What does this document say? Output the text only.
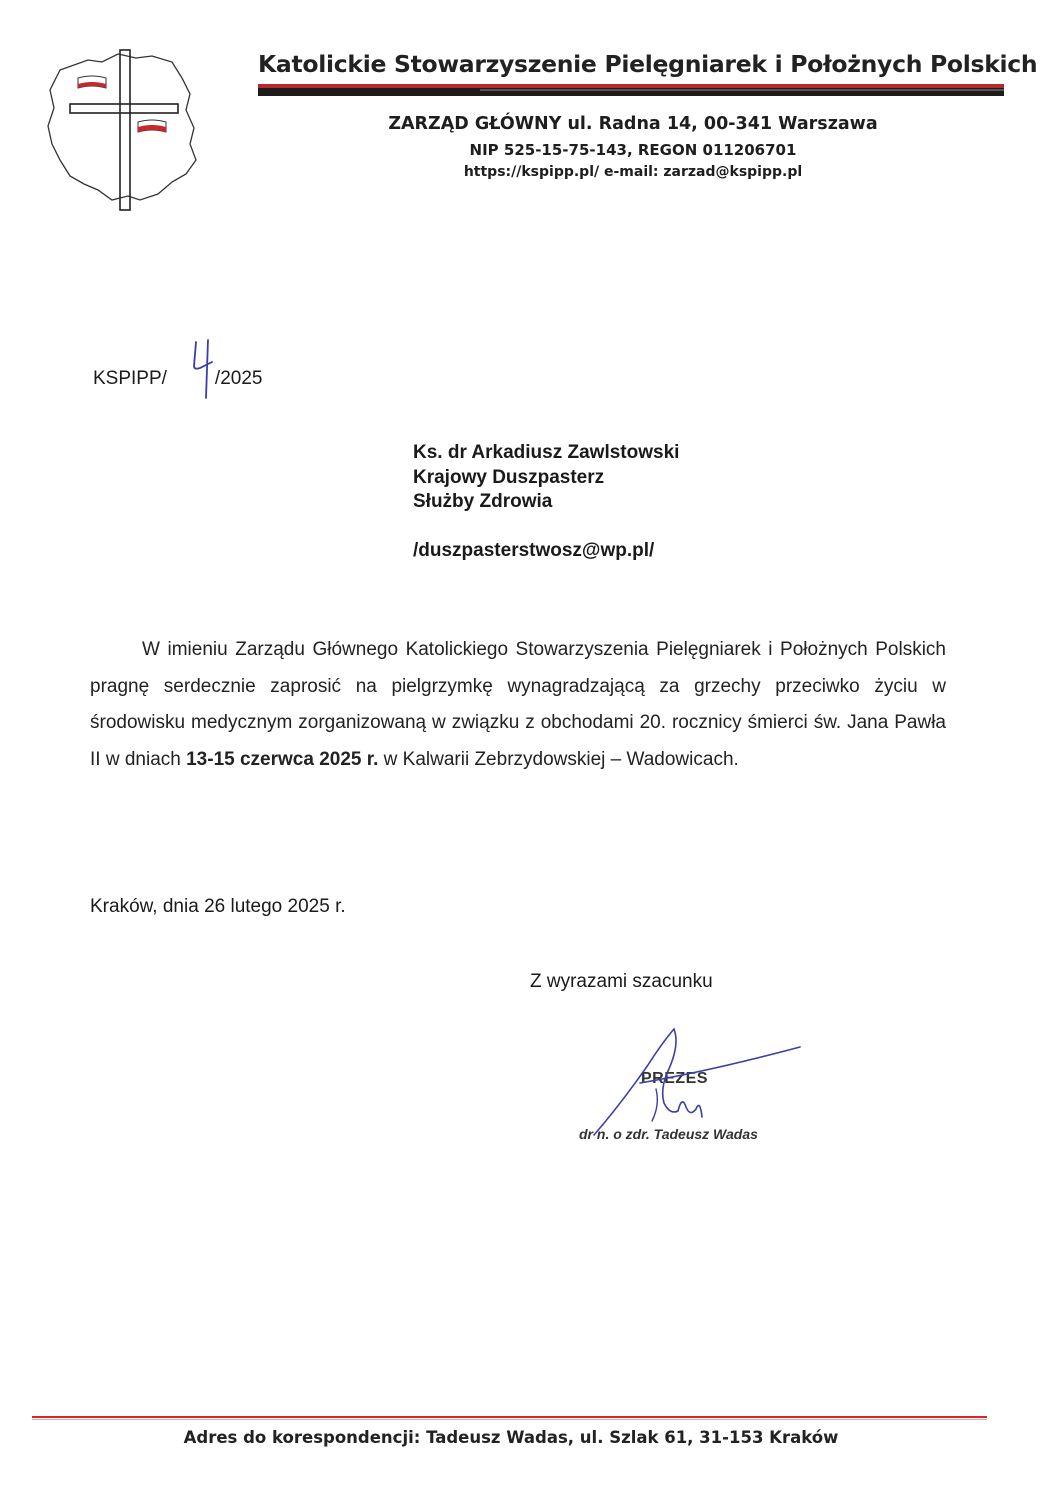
Katolickie Stowarzyszenie Pielęgniarek i Położnych Polskich
ZARZĄD GŁÓWNY ul. Radna 14, 00-341 Warszawa
NIP 525-15-75-143, REGON 011206701
https://kspipp.pl/ e-mail: zarzad@kspipp.pl
KSPIPP/	/2025
Ks. dr Arkadiusz Zawlstowski
Krajowy Duszpasterz
Służby Zdrowia
/duszpasterstwosz@wp.pl/
W imieniu Zarządu Głównego Katolickiego Stowarzyszenia Pielęgniarek i Położnych Polskich pragnę serdecznie zaprosić na pielgrzymkę wynagradzającą za grzechy przeciwko życiu w środowisku medycznym zorganizowaną w związku z obchodami 20. rocznicy śmierci św. Jana Pawła II w dniach 13-15 czerwca 2025 r. w Kalwarii Zebrzydowskiej – Wadowicach.
Kraków, dnia 26 lutego 2025 r.
Z wyrazami szacunku
PREZES
dr n. o zdr. Tadeusz Wadas
Adres do korespondencji: Tadeusz Wadas, ul. Szlak 61, 31-153 Kraków
